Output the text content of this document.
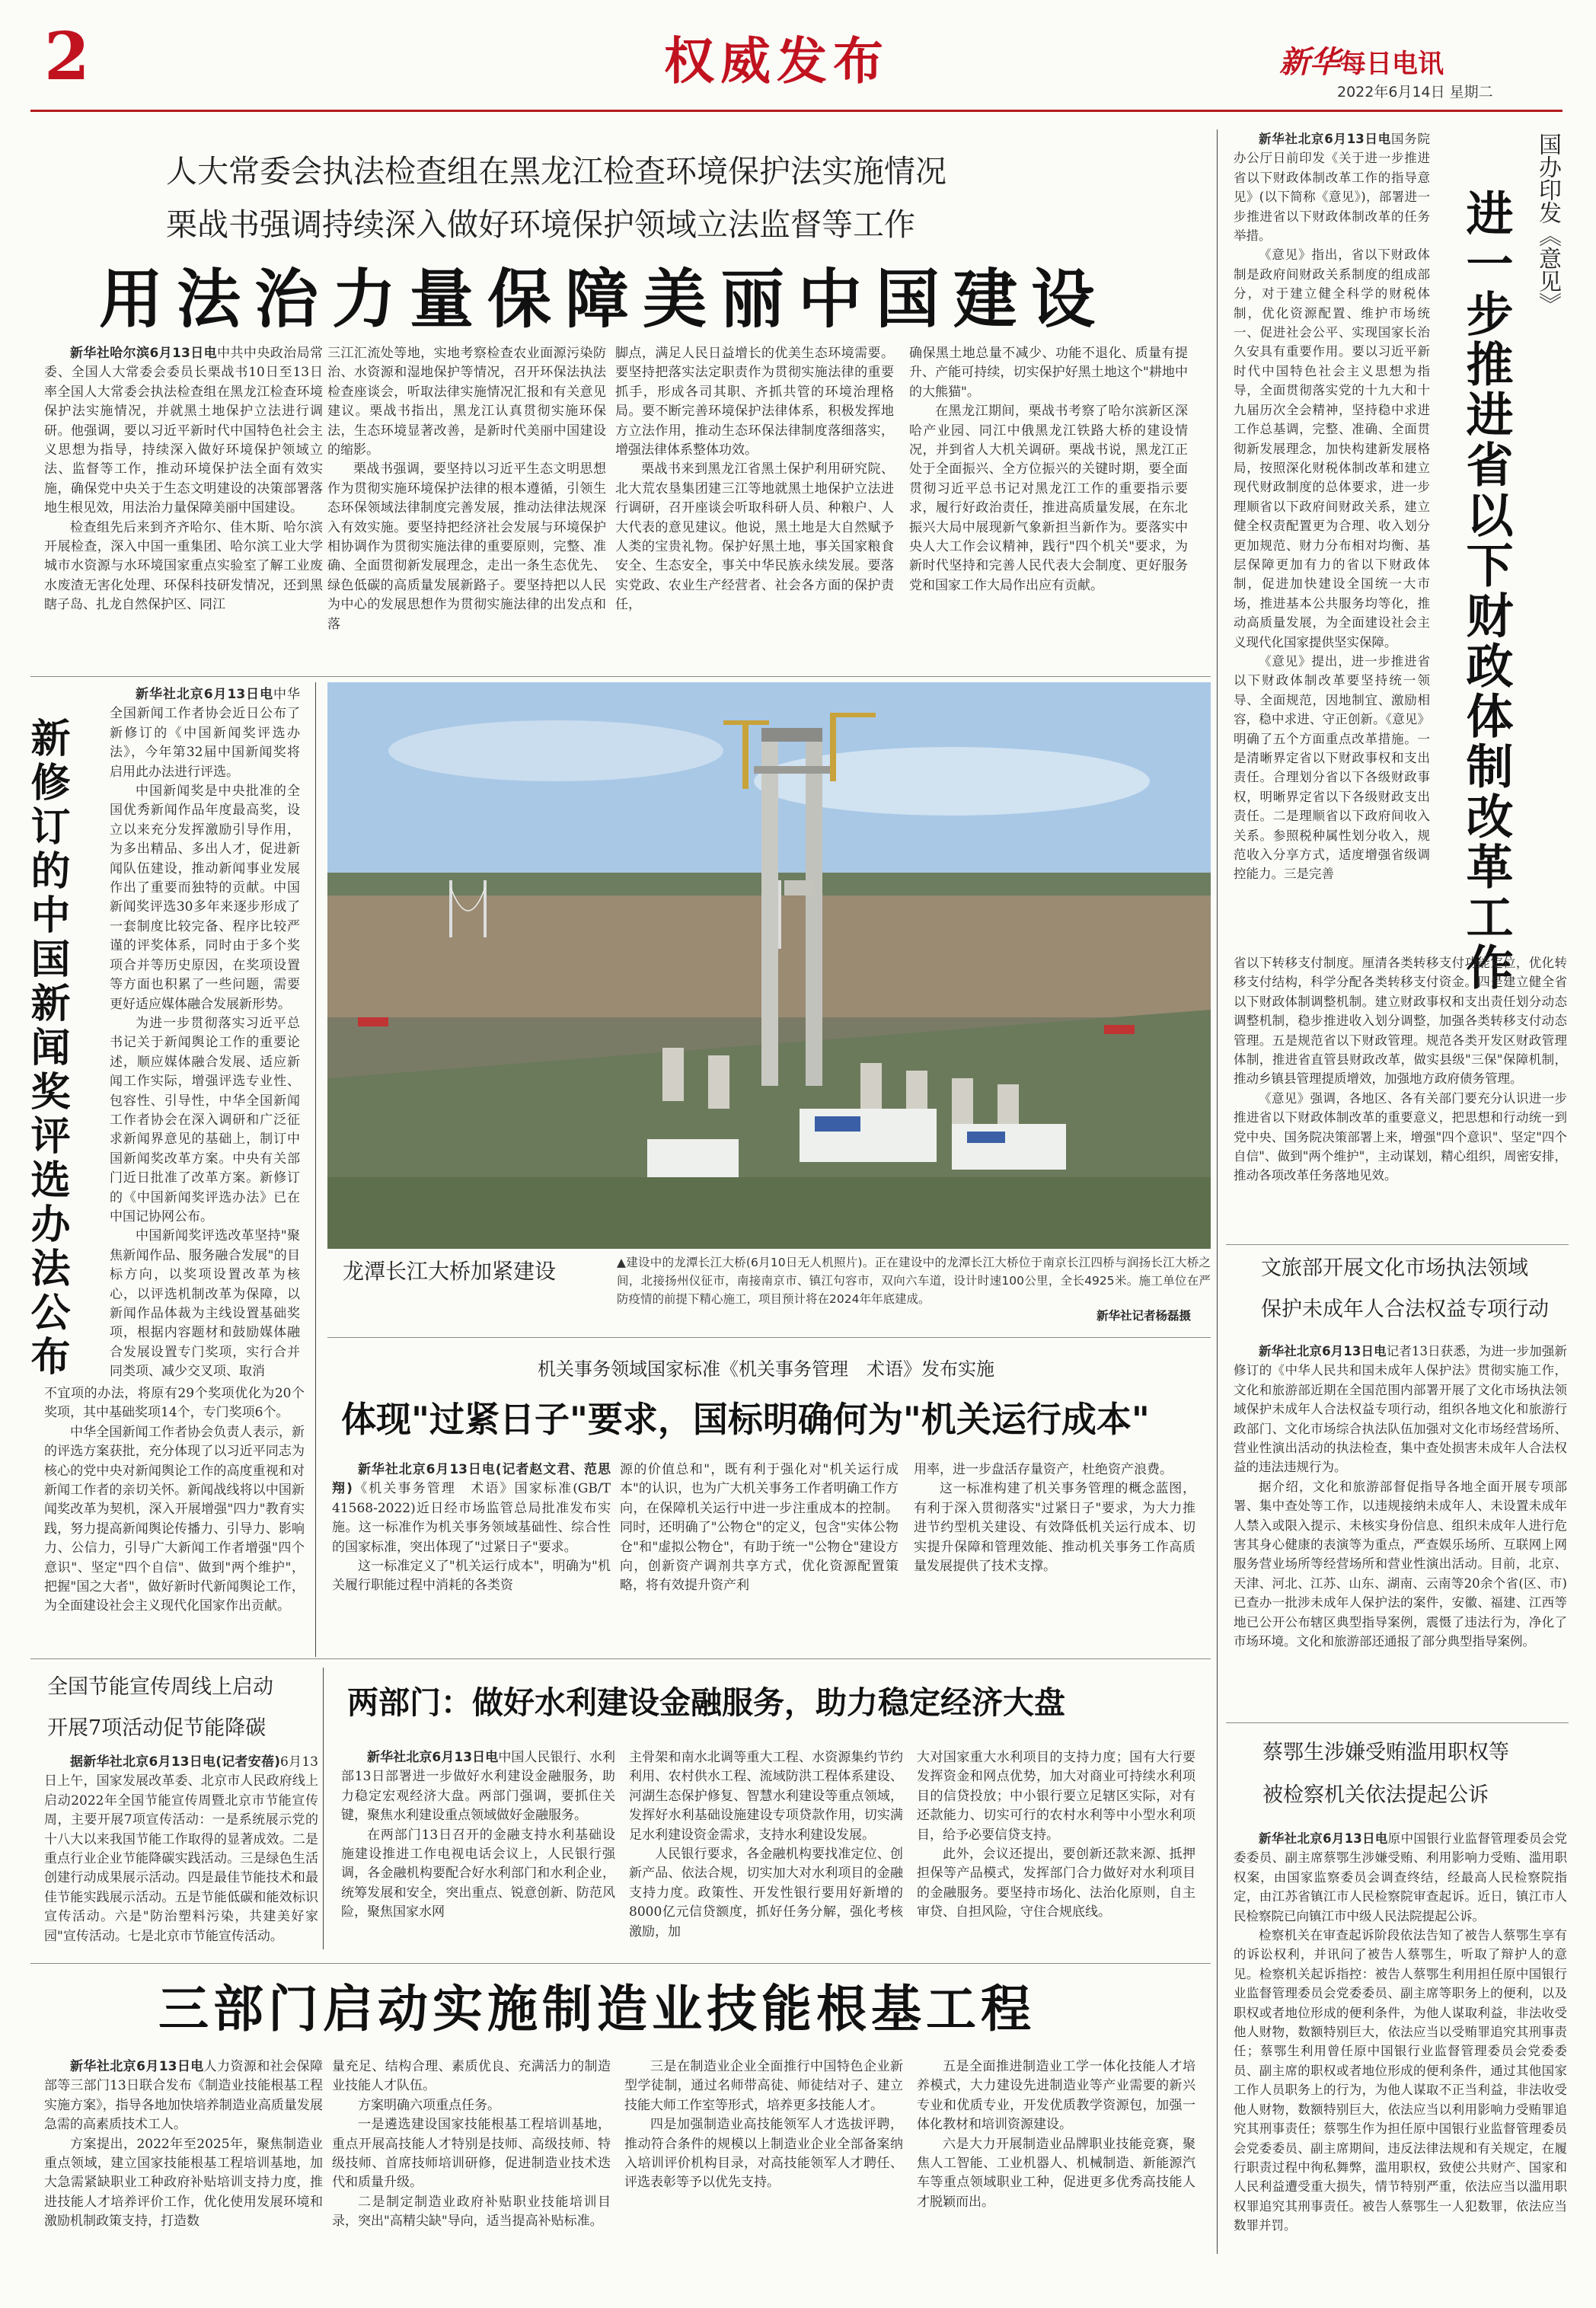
2	权威发布	新华每日电讯
2022年6月14日 星期二
人大常委会执法检查组在黑龙江检查环境保护法实施情况
栗战书强调持续深入做好环境保护领域立法监督等工作
用法治力量保障美丽中国建设

新华社哈尔滨6月13日电中共中央政治局常委、全国人大常委会委员长栗战书10日至13日率全国人大常委会执法检查组在黑龙江检查环境保护法实施情况，并就黑土地保护立法进行调研。他强调，要以习近平新时代中国特色社会主义思想为指导，持续深入做好环境保护领域立法、监督等工作，推动环境保护法全面有效实施，确保党中央关于生态文明建设的决策部署落地生根见效，用法治力量保障美丽中国建设。

检查组先后来到齐齐哈尔、佳木斯、哈尔滨开展检查，深入中国一重集团、哈尔滨工业大学城市水资源与水环境国家重点实验室了解工业废水废渣无害化处理、环保科技研发情况，还到黑瞎子岛、扎龙自然保护区、同江

三江汇流处等地，实地考察检查农业面源污染防治、水资源和湿地保护等情况，召开环保法执法检查座谈会，听取法律实施情况汇报和有关意见建议。栗战书指出，黑龙江认真贯彻实施环保法，生态环境显著改善，是新时代美丽中国建设的缩影。

栗战书强调，要坚持以习近平生态文明思想作为贯彻实施环境保护法律的根本遵循，引领生态环保领域法律制度完善发展，推动法律法规深入有效实施。要坚持把经济社会发展与环境保护相协调作为贯彻实施法律的重要原则，完整、准确、全面贯彻新发展理念，走出一条生态优先、绿色低碳的高质量发展新路子。要坚持把以人民为中心的发展思想作为贯彻实施法律的出发点和落

脚点，满足人民日益增长的优美生态环境需要。要坚持把落实法定职责作为贯彻实施法律的重要抓手，形成各司其职、齐抓共管的环境治理格局。要不断完善环境保护法律体系，积极发挥地方立法作用，推动生态环保法律制度落细落实，增强法律体系整体功效。

栗战书来到黑龙江省黑土保护利用研究院、北大荒农垦集团建三江等地就黑土地保护立法进行调研，召开座谈会听取科研人员、种粮户、人大代表的意见建议。他说，黑土地是大自然赋予人类的宝贵礼物。保护好黑土地，事关国家粮食安全、生态安全，事关中华民族永续发展。要落实党政、农业生产经营者、社会各方面的保护责任，

确保黑土地总量不减少、功能不退化、质量有提升、产能可持续，切实保护好黑土地这个"耕地中的大熊猫"。

在黑龙江期间，栗战书考察了哈尔滨新区深哈产业园、同江中俄黑龙江铁路大桥的建设情况，并到省人大机关调研。栗战书说，黑龙江正处于全面振兴、全方位振兴的关键时期，要全面贯彻习近平总书记对黑龙江工作的重要指示要求，履行好政治责任，推进高质量发展，在东北振兴大局中展现新气象新担当新作为。要落实中央人大工作会议精神，践行"四个机关"要求，为新时代坚持和完善人民代表大会制度、更好服务党和国家工作大局作出应有贡献。

新华社北京6月13日电国务院办公厅日前印发《关于进一步推进省以下财政体制改革工作的指导意见》(以下简称《意见》)，部署进一步推进省以下财政体制改革的任务举措。

《意见》指出，省以下财政体制是政府间财政关系制度的组成部分，对于建立健全科学的财税体制，优化资源配置、维护市场统一、促进社会公平、实现国家长治久安具有重要作用。要以习近平新时代中国特色社会主义思想为指导，全面贯彻落实党的十九大和十九届历次全会精神，坚持稳中求进工作总基调，完整、准确、全面贯彻新发展理念，加快构建新发展格局，按照深化财税体制改革和建立现代财政制度的总体要求，进一步理顺省以下政府间财政关系，建立健全权责配置更为合理、收入划分更加规范、财力分布相对均衡、基层保障更加有力的省以下财政体制，促进加快建设全国统一大市场，推进基本公共服务均等化，推动高质量发展，为全面建设社会主义现代化国家提供坚实保障。

《意见》提出，进一步推进省以下财政体制改革要坚持统一领导、全面规范，因地制宜、激励相容，稳中求进、守正创新。《意见》明确了五个方面重点改革措施。一是清晰界定省以下财政事权和支出责任。合理划分省以下各级财政事权，明晰界定省以下各级财政支出责任。二是理顺省以下政府间收入关系。参照税种属性划分收入，规范收入分享方式，适度增强省级调控能力。三是完善

国办印发《意见》
进一步推进省以下财政体制改革工作

省以下转移支付制度。厘清各类转移支付功能定位，优化转移支付结构，科学分配各类转移支付资金。四是建立健全省以下财政体制调整机制。建立财政事权和支出责任划分动态调整机制，稳步推进收入划分调整，加强各类转移支付动态管理。五是规范省以下财政管理。规范各类开发区财政管理体制，推进省直管县财政改革，做实县级"三保"保障机制，推动乡镇县管理提质增效，加强地方政府债务管理。

《意见》强调，各地区、各有关部门要充分认识进一步推进省以下财政体制改革的重要意义，把思想和行动统一到党中央、国务院决策部署上来，增强"四个意识"、坚定"四个自信"、做到"两个维护"，主动谋划，精心组织，周密安排，推动各项改革任务落地见效。

新修订的中国新闻奖评选办法公布

新华社北京6月13日电中华全国新闻工作者协会近日公布了新修订的《中国新闻奖评选办法》，今年第32届中国新闻奖将启用此办法进行评选。

中国新闻奖是中央批准的全国优秀新闻作品年度最高奖，设立以来充分发挥激励引导作用，为多出精品、多出人才，促进新闻队伍建设，推动新闻事业发展作出了重要而独特的贡献。中国新闻奖评选30多年来逐步形成了一套制度比较完备、程序比较严谨的评奖体系，同时由于多个奖项合并等历史原因，在奖项设置等方面也积累了一些问题，需要更好适应媒体融合发展新形势。

为进一步贯彻落实习近平总书记关于新闻舆论工作的重要论述，顺应媒体融合发展、适应新闻工作实际，增强评选专业性、包容性、引导性，中华全国新闻工作者协会在深入调研和广泛征求新闻界意见的基础上，制订中国新闻奖改革方案。中央有关部门近日批准了改革方案。新修订的《中国新闻奖评选办法》已在中国记协网公布。

中国新闻奖评选改革坚持"聚焦新闻作品、服务融合发展"的目标方向，以奖项设置改革为核心，以评选机制改革为保障，以新闻作品体裁为主线设置基础奖项，根据内容题材和鼓励媒体融合发展设置专门奖项，实行合并同类项、减少交叉项、取消

不宜项的办法，将原有29个奖项优化为20个奖项，其中基础奖项14个，专门奖项6个。

中华全国新闻工作者协会负责人表示，新的评选方案获批，充分体现了以习近平同志为核心的党中央对新闻舆论工作的高度重视和对新闻工作者的亲切关怀。新闻战线将以中国新闻奖改革为契机，深入开展增强"四力"教育实践，努力提高新闻舆论传播力、引导力、影响力、公信力，引导广大新闻工作者增强"四个意识"、坚定"四个自信"、做到"两个维护"，把握"国之大者"，做好新时代新闻舆论工作，为全面建设社会主义现代化国家作出贡献。

龙潭长江大桥加紧建设	▲建设中的龙潭长江大桥(6月10日无人机照片)。正在建设中的龙潭长江大桥位于南京长江四桥与润扬长江大桥之间，北接扬州仪征市，南接南京市、镇江句容市，双向六车道，设计时速100公里，全长4925米。施工单位在严防疫情的前提下精心施工，项目预计将在2024年年底建成。
新华社记者杨磊摄
机关事务领域国家标准《机关事务管理　术语》发布实施
体现"过紧日子"要求，国标明确何为"机关运行成本"

新华社北京6月13日电(记者赵文君、范思翔)《机关事务管理　术语》国家标准(GB/T 41568-2022)近日经市场监管总局批准发布实施。这一标准作为机关事务领域基础性、综合性的国家标准，突出体现了"过紧日子"要求。

这一标准定义了"机关运行成本"，明确为"机关履行职能过程中消耗的各类资

源的价值总和"，既有利于强化对"机关运行成本"的认识，也为广大机关事务工作者明确工作方向，在保障机关运行中进一步注重成本的控制。同时，还明确了"公物仓"的定义，包含"实体公物仓"和"虚拟公物仓"，有助于统一"公物仓"建设方向，创新资产调剂共享方式，优化资源配置策略，将有效提升资产利

用率，进一步盘活存量资产，杜绝资产浪费。

这一标准构建了机关事务管理的概念蓝图，有利于深入贯彻落实"过紧日子"要求，为大力推进节约型机关建设、有效降低机关运行成本、切实提升保障和管理效能、推动机关事务工作高质量发展提供了技术支撑。

文旅部开展文化市场执法领域
保护未成年人合法权益专项行动

新华社北京6月13日电记者13日获悉，为进一步加强新修订的《中华人民共和国未成年人保护法》贯彻实施工作，文化和旅游部近期在全国范围内部署开展了文化市场执法领域保护未成年人合法权益专项行动，组织各地文化和旅游行政部门、文化市场综合执法队伍加强对文化市场经营场所、营业性演出活动的执法检查，集中查处损害未成年人合法权益的违法违规行为。

据介绍，文化和旅游部督促指导各地全面开展专项部署、集中查处等工作，以违规接纳未成年人、未设置未成年人禁入或限入提示、未核实身份信息、组织未成年人进行危害其身心健康的表演等为重点，严查娱乐场所、互联网上网服务营业场所等经营场所和营业性演出活动。目前，北京、天津、河北、江苏、山东、湖南、云南等20余个省(区、市)已查办一批涉未成年人保护法的案件，安徽、福建、江西等地已公开公布辖区典型指导案例，震慑了违法行为，净化了市场环境。文化和旅游部还通报了部分典型指导案例。

全国节能宣传周线上启动
开展7项活动促节能降碳

据新华社北京6月13日电(记者安蓓)6月13日上午，国家发展改革委、北京市人民政府线上启动2022年全国节能宣传周暨北京市节能宣传周，主要开展7项宣传活动：一是系统展示党的十八大以来我国节能工作取得的显著成效。二是重点行业企业节能降碳实践活动。三是绿色生活创建行动成果展示活动。四是最佳节能技术和最佳节能实践展示活动。五是节能低碳和能效标识宣传活动。六是"防治塑料污染，共建美好家园"宣传活动。七是北京市节能宣传活动。

两部门：做好水利建设金融服务，助力稳定经济大盘

新华社北京6月13日电中国人民银行、水利部13日部署进一步做好水利建设金融服务，助力稳定宏观经济大盘。两部门强调，要抓住关键，聚焦水利建设重点领域做好金融服务。

在两部门13日召开的金融支持水利基础设施建设推进工作电视电话会议上，人民银行强调，各金融机构要配合好水利部门和水利企业，统筹发展和安全，突出重点、锐意创新、防范风险，聚焦国家水网

主骨架和南水北调等重大工程、水资源集约节约利用、农村供水工程、流域防洪工程体系建设、河湖生态保护修复、智慧水利建设等重点领域，发挥好水利基础设施建设专项贷款作用，切实满足水利建设资金需求，支持水利建设发展。

人民银行要求，各金融机构要找准定位、创新产品、依法合规，切实加大对水利项目的金融支持力度。政策性、开发性银行要用好新增的8000亿元信贷额度，抓好任务分解，强化考核激励，加

大对国家重大水利项目的支持力度；国有大行要发挥资金和网点优势，加大对商业可持续水利项目的信贷投放；中小银行要立足辖区实际，对有还款能力、切实可行的农村水利等中小型水利项目，给予必要信贷支持。

此外，会议还提出，要创新还款来源、抵押担保等产品模式，发挥部门合力做好对水利项目的金融服务。要坚持市场化、法治化原则，自主审贷、自担风险，守住合规底线。

蔡鄂生涉嫌受贿滥用职权等
被检察机关依法提起公诉

新华社北京6月13日电原中国银行业监督管理委员会党委委员、副主席蔡鄂生涉嫌受贿、利用影响力受贿、滥用职权案，由国家监察委员会调查终结，经最高人民检察院指定，由江苏省镇江市人民检察院审查起诉。近日，镇江市人民检察院已向镇江市中级人民法院提起公诉。

检察机关在审查起诉阶段依法告知了被告人蔡鄂生享有的诉讼权利，并讯问了被告人蔡鄂生，听取了辩护人的意见。检察机关起诉指控：被告人蔡鄂生利用担任原中国银行业监督管理委员会党委委员、副主席等职务上的便利，以及职权或者地位形成的便利条件，为他人谋取利益，非法收受他人财物，数额特别巨大，依法应当以受贿罪追究其刑事责任；蔡鄂生利用曾任原中国银行业监督管理委员会党委委员、副主席的职权或者地位形成的便利条件，通过其他国家工作人员职务上的行为，为他人谋取不正当利益，非法收受他人财物，数额特别巨大，依法应当以利用影响力受贿罪追究其刑事责任；蔡鄂生作为担任原中国银行业监督管理委员会党委委员、副主席期间，违反法律法规和有关规定，在履行职责过程中徇私舞弊，滥用职权，致使公共财产、国家和人民利益遭受重大损失，情节特别严重，依法应当以滥用职权罪追究其刑事责任。被告人蔡鄂生一人犯数罪，依法应当数罪并罚。

三部门启动实施制造业技能根基工程

新华社北京6月13日电人力资源和社会保障部等三部门13日联合发布《制造业技能根基工程实施方案》，指导各地加快培养制造业高质量发展急需的高素质技术工人。

方案提出，2022年至2025年，聚焦制造业重点领域，建立国家技能根基工程培训基地，加大急需紧缺职业工种政府补贴培训支持力度，推进技能人才培养评价工作，优化使用发展环境和激励机制政策支持，打造数

量充足、结构合理、素质优良、充满活力的制造业技能人才队伍。

方案明确六项重点任务。

一是遴选建设国家技能根基工程培训基地，重点开展高技能人才特别是技师、高级技师、特级技师、首席技师培训研修，促进制造业技术迭代和质量升级。

二是制定制造业政府补贴职业技能培训目录，突出"高精尖缺"导向，适当提高补贴标准。

三是在制造业企业全面推行中国特色企业新型学徒制，通过名师带高徒、师徒结对子、建立技能大师工作室等形式，培养更多技能人才。

四是加强制造业高技能领军人才选拔评聘，推动符合条件的规模以上制造业企业全部备案纳入培训评价机构目录，对高技能领军人才聘任、评选表彰等予以优先支持。

五是全面推进制造业工学一体化技能人才培养模式，大力建设先进制造业等产业需要的新兴专业和优质专业，开发优质教学资源包，加强一体化教材和培训资源建设。

六是大力开展制造业品牌职业技能竞赛，聚焦人工智能、工业机器人、机械制造、新能源汽车等重点领域职业工种，促进更多优秀高技能人才脱颖而出。
